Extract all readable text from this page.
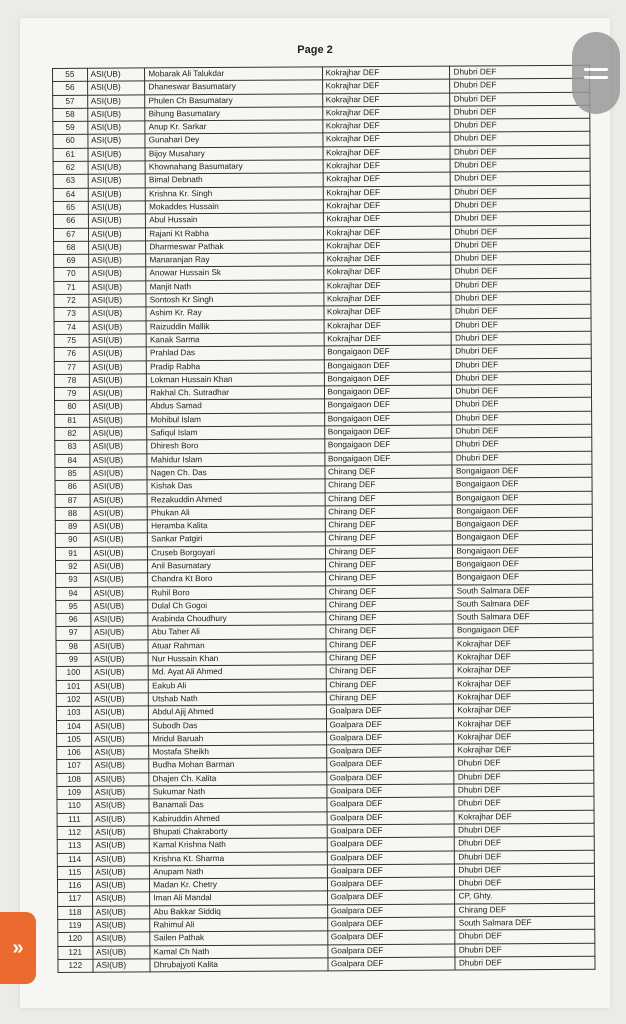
Page 2
55	ASI(UB)	Mobarak Ali Talukdar	Kokrajhar DEF	Dhubri DEF
56	ASI(UB)	Dhaneswar Basumatary	Kokrajhar DEF	Dhubri DEF
57	ASI(UB)	Phulen Ch Basumatary	Kokrajhar DEF	Dhubri DEF
58	ASI(UB)	Bihung Basumatary	Kokrajhar DEF	Dhubri DEF
59	ASI(UB)	Anup Kr. Sarkar	Kokrajhar DEF	Dhubri DEF
60	ASI(UB)	Gunahari Dey	Kokrajhar DEF	Dhubri DEF
61	ASI(UB)	Bijoy Musahary	Kokrajhar DEF	Dhubri DEF
62	ASI(UB)	Khownahang Basumatary	Kokrajhar DEF	Dhubri DEF
63	ASI(UB)	Bimal Debnath	Kokrajhar DEF	Dhubri DEF
64	ASI(UB)	Krishna Kr. Singh	Kokrajhar DEF	Dhubri DEF
65	ASI(UB)	Mokaddes Hussain	Kokrajhar DEF	Dhubri DEF
66	ASI(UB)	Abul Hussain	Kokrajhar DEF	Dhubri DEF
67	ASI(UB)	Rajani Kt Rabha	Kokrajhar DEF	Dhubri DEF
68	ASI(UB)	Dharmeswar Pathak	Kokrajhar DEF	Dhubri DEF
69	ASI(UB)	Manaranjan Ray	Kokrajhar DEF	Dhubri DEF
70	ASI(UB)	Anowar Hussain Sk	Kokrajhar DEF	Dhubri DEF
71	ASI(UB)	Manjit Nath	Kokrajhar DEF	Dhubri DEF
72	ASI(UB)	Sontosh Kr Singh	Kokrajhar DEF	Dhubri DEF
73	ASI(UB)	Ashim Kr. Ray	Kokrajhar DEF	Dhubri DEF
74	ASI(UB)	Raizuddin Mallik	Kokrajhar DEF	Dhubri DEF
75	ASI(UB)	Kanak Sarma	Kokrajhar DEF	Dhubri DEF
76	ASI(UB)	Prahlad Das	Bongaigaon DEF	Dhubri DEF
77	ASI(UB)	Pradip Rabha	Bongaigaon DEF	Dhubri DEF
78	ASI(UB)	Lokman Hussain Khan	Bongaigaon DEF	Dhubri DEF
79	ASI(UB)	Rakhal Ch. Sutradhar	Bongaigaon DEF	Dhubri DEF
80	ASI(UB)	Abdus Samad	Bongaigaon DEF	Dhubri DEF
81	ASI(UB)	Mohibul Islam	Bongaigaon DEF	Dhubri DEF
82	ASI(UB)	Safiqul Islam	Bongaigaon DEF	Dhubri DEF
83	ASI(UB)	Dhiresh Boro	Bongaigaon DEF	Dhubri DEF
84	ASI(UB)	Mahidur Islam	Bongaigaon DEF	Dhubri DEF
85	ASI(UB)	Nagen Ch. Das	Chirang DEF	Bongaigaon DEF
86	ASI(UB)	Kishak Das	Chirang DEF	Bongaigaon DEF
87	ASI(UB)	Rezakuddin Ahmed	Chirang DEF	Bongaigaon DEF
88	ASI(UB)	Phukan Ali	Chirang DEF	Bongaigaon DEF
89	ASI(UB)	Heramba Kalita	Chirang DEF	Bongaigaon DEF
90	ASI(UB)	Sankar Patgiri	Chirang DEF	Bongaigaon DEF
91	ASI(UB)	Cruseb Borgoyari	Chirang DEF	Bongaigaon DEF
92	ASI(UB)	Anil Basumatary	Chirang DEF	Bongaigaon DEF
93	ASI(UB)	Chandra Kt Boro	Chirang DEF	Bongaigaon DEF
94	ASI(UB)	Ruhil Boro	Chirang DEF	South Salmara DEF
95	ASI(UB)	Dulal Ch Gogoi	Chirang DEF	South Salmara DEF
96	ASI(UB)	Arabinda Choudhury	Chirang DEF	South Salmara DEF
97	ASI(UB)	Abu Taher Ali	Chirang DEF	Bongaigaon DEF
98	ASI(UB)	Atuar Rahman	Chirang DEF	Kokrajhar DEF
99	ASI(UB)	Nur Hussain Khan	Chirang DEF	Kokrajhar DEF
100	ASI(UB)	Md. Ayat Ali Ahmed	Chirang DEF	Kokrajhar DEF
101	ASI(UB)	Eakub Ali	Chirang DEF	Kokrajhar DEF
102	ASI(UB)	Utshab Nath	Chirang DEF	Kokrajhar DEF
103	ASI(UB)	Abdul Ajij Ahmed	Goalpara DEF	Kokrajhar DEF
104	ASI(UB)	Subodh Das	Goalpara DEF	Kokrajhar DEF
105	ASI(UB)	Mridul Baruah	Goalpara DEF	Kokrajhar DEF
106	ASI(UB)	Mostafa Sheikh	Goalpara DEF	Kokrajhar DEF
107	ASI(UB)	Budha Mohan Barman	Goalpara DEF	Dhubri DEF
108	ASI(UB)	Dhajen Ch. Kalita	Goalpara DEF	Dhubri DEF
109	ASI(UB)	Sukumar Nath	Goalpara DEF	Dhubri DEF
110	ASI(UB)	Banamali Das	Goalpara DEF	Dhubri DEF
111	ASI(UB)	Kabiruddin Ahmed	Goalpara DEF	Kokrajhar DEF
112	ASI(UB)	Bhupati Chakraborty	Goalpara DEF	Dhubri DEF
113	ASI(UB)	Kamal Krishna Nath	Goalpara DEF	Dhubri DEF
114	ASI(UB)	Krishna Kt. Sharma	Goalpara DEF	Dhubri DEF
115	ASI(UB)	Anupam Nath	Goalpara DEF	Dhubri DEF
116	ASI(UB)	Madan Kr. Chetry	Goalpara DEF	Dhubri DEF
117	ASI(UB)	Iman Ali Mandal	Goalpara DEF	CP, Ghty.
118	ASI(UB)	Abu Bakkar Siddiq	Goalpara DEF	Chirang DEF
119	ASI(UB)	Rahimul Ali	Goalpara DEF	South Salmara DEF
120	ASI(UB)	Sailen Pathak	Goalpara DEF	Dhubri DEF
121	ASI(UB)	Kamal Ch Nath	Goalpara DEF	Dhubri DEF
122	ASI(UB)	Dhrubajyoti Kalita	Goalpara DEF	Dhubri DEF
»
